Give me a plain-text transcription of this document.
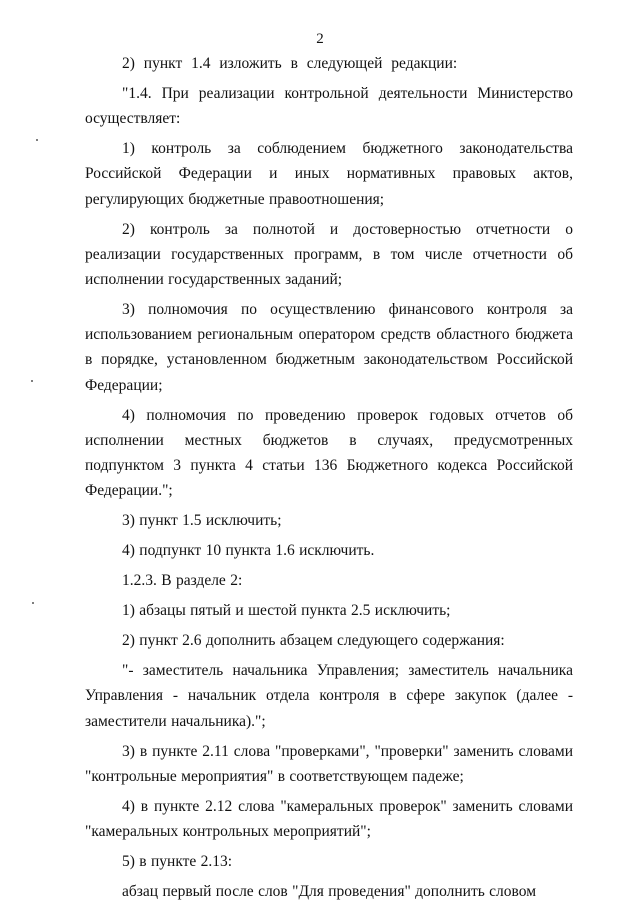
2

2) пункт 1.4 изложить в следующей редакции:

"1.4. При реализации контрольной деятельности Министерство осуществляет:

1) контроль за соблюдением бюджетного законодательства Российской Федерации и иных нормативных правовых актов, регулирующих бюджетные правоотношения;

2) контроль за полнотой и достоверностью отчетности о реализации государственных программ, в том числе отчетности об исполнении государственных заданий;

3) полномочия по осуществлению финансового контроля за использованием региональным оператором средств областного бюджета в порядке, установленном бюджетным законодательством Российской Федерации;

4) полномочия по проведению проверок годовых отчетов об исполнении местных бюджетов в случаях, предусмотренных подпунктом 3 пункта 4 статьи 136 Бюджетного кодекса Российской Федерации.";

3) пункт 1.5 исключить;

4) подпункт 10 пункта 1.6 исключить.

1.2.3. В разделе 2:

1) абзацы пятый и шестой пункта 2.5 исключить;

2) пункт 2.6 дополнить абзацем следующего содержания:

"- заместитель начальника Управления; заместитель начальника Управления - начальник отдела контроля в сфере закупок (далее - заместители начальника).";

3) в пункте 2.11 слова "проверками", "проверки" заменить словами "контрольные мероприятия" в соответствующем падеже;

4) в пункте 2.12 слова "камеральных проверок" заменить словами "камеральных контрольных мероприятий";

5) в пункте 2.13:

абзац первый после слов "Для проведения" дополнить словом
